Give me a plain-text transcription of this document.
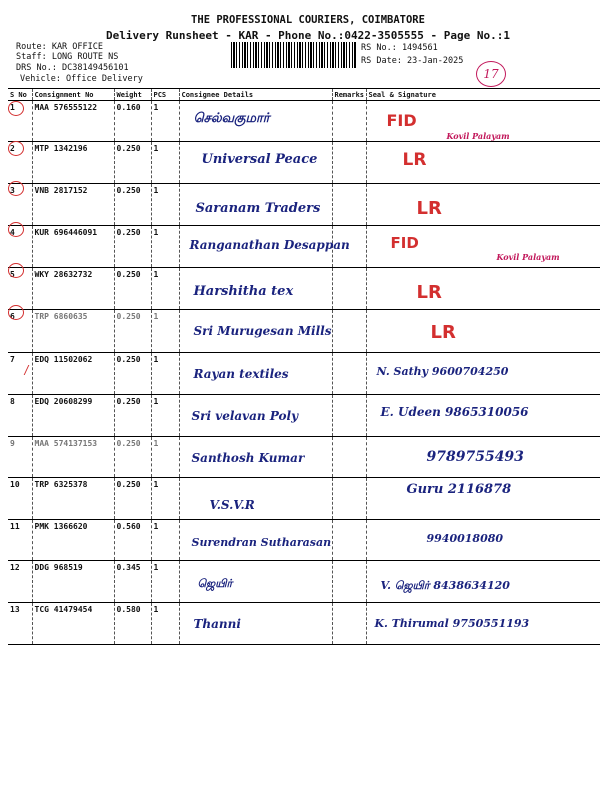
THE PROFESSIONAL COURIERS, COIMBATORE
Delivery Runsheet - KAR - Phone No.:0422-3505555 - Page No.:1
Route: KAR OFFICE
Staff: LONG ROUTE NS
DRS No.: DC38149456101
Vehicle: Office Delivery
RS No.: 1494561
RS Date: 23-Jan-2025
17
S No	Consignment No	Weight	PCS	Consignee Details	Remarks	Seal & Signature
1	MAA 576555122	0.160	1	செல்வகுமார்		FID
Kovil Palayam

2	MTP 1342196	0.250	1	Universal Peace		LR

3	VNB 2817152	0.250	1	Saranam Traders		LR

4	KUR 696446091	0.250	1	Ranganathan Desappan		FID
Kovil Palayam

5	WKY 28632732	0.250	1	Harshitha tex		LR

6	TRP 6860635	0.250	1	Sri Murugesan Mills		LR

7	EDQ 11502062	0.250	1	Rayan textiles		N. Sathy 9600704250

8	EDQ 20608299	0.250	1	Sri velavan Poly		E. Udeen 9865310056

9	MAA 574137153	0.250	1	Santhosh Kumar		9789755493

10	TRP 6325378	0.250	1	V.S.V.R		Guru 2116878

11	PMK 1366620	0.560	1	Surendran Sutharasan		9940018080

12	DDG 968519	0.345	1	ஜெயிர்		V. ஜெயிர் 8438634120

13	TCG 41479454	0.580	1	Thanni		K. Thirumal 9750551193
